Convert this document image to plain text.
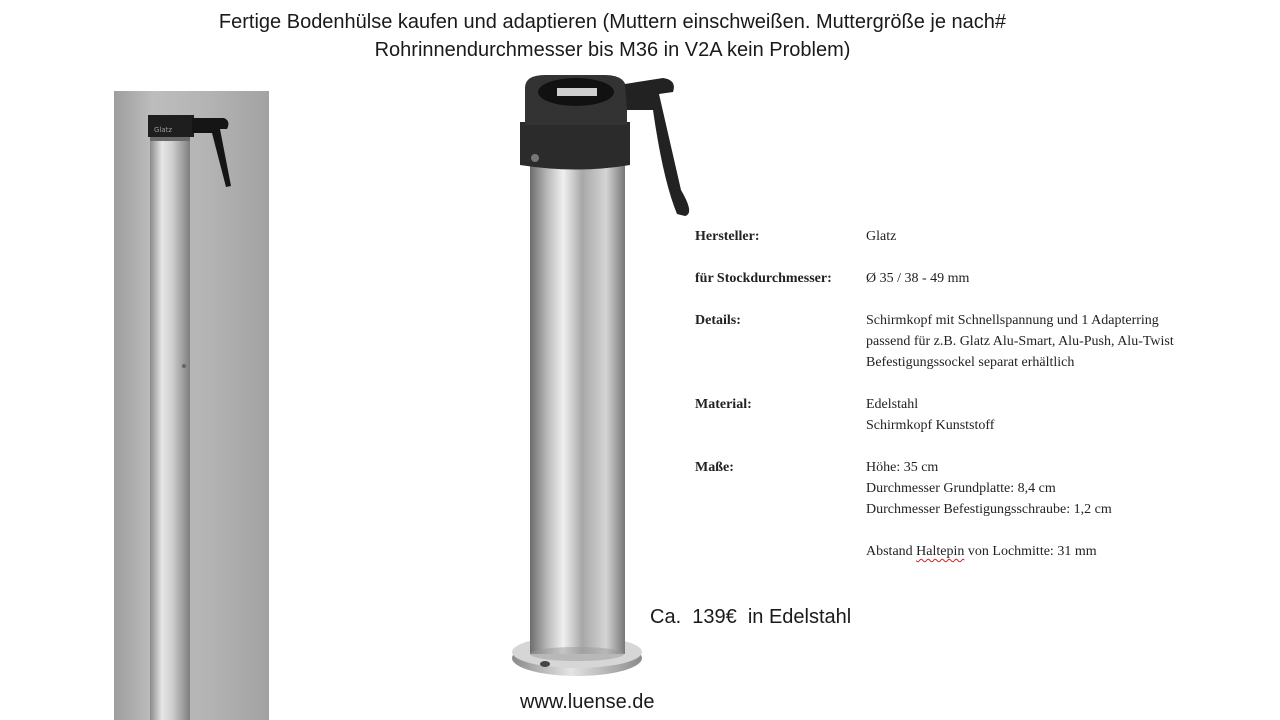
Fertige Bodenhülse kaufen und adaptieren (Muttern einschweißen. Muttergröße je nach#
Rohrinnendurchmesser bis M36 in V2A kein Problem)
Glatz
Hersteller:	Glatz
für Stockdurchmesser:	Ø 35 / 38 - 49 mm
Details:	Schirmkopf mit Schnellspannung und 1 Adapterring
passend für z.B. Glatz Alu-Smart, Alu-Push, Alu-Twist
Befestigungssockel separat erhältlich
Material:	Edelstahl
Schirmkopf Kunststoff
Maße:	Höhe: 35 cm
Durchmesser Grundplatte: 8,4 cm
Durchmesser Befestigungsschraube: 1,2 cm
Abstand Haltepin von Lochmitte: 31 mm
Ca.  139€  in Edelstahl
www.luense.de
